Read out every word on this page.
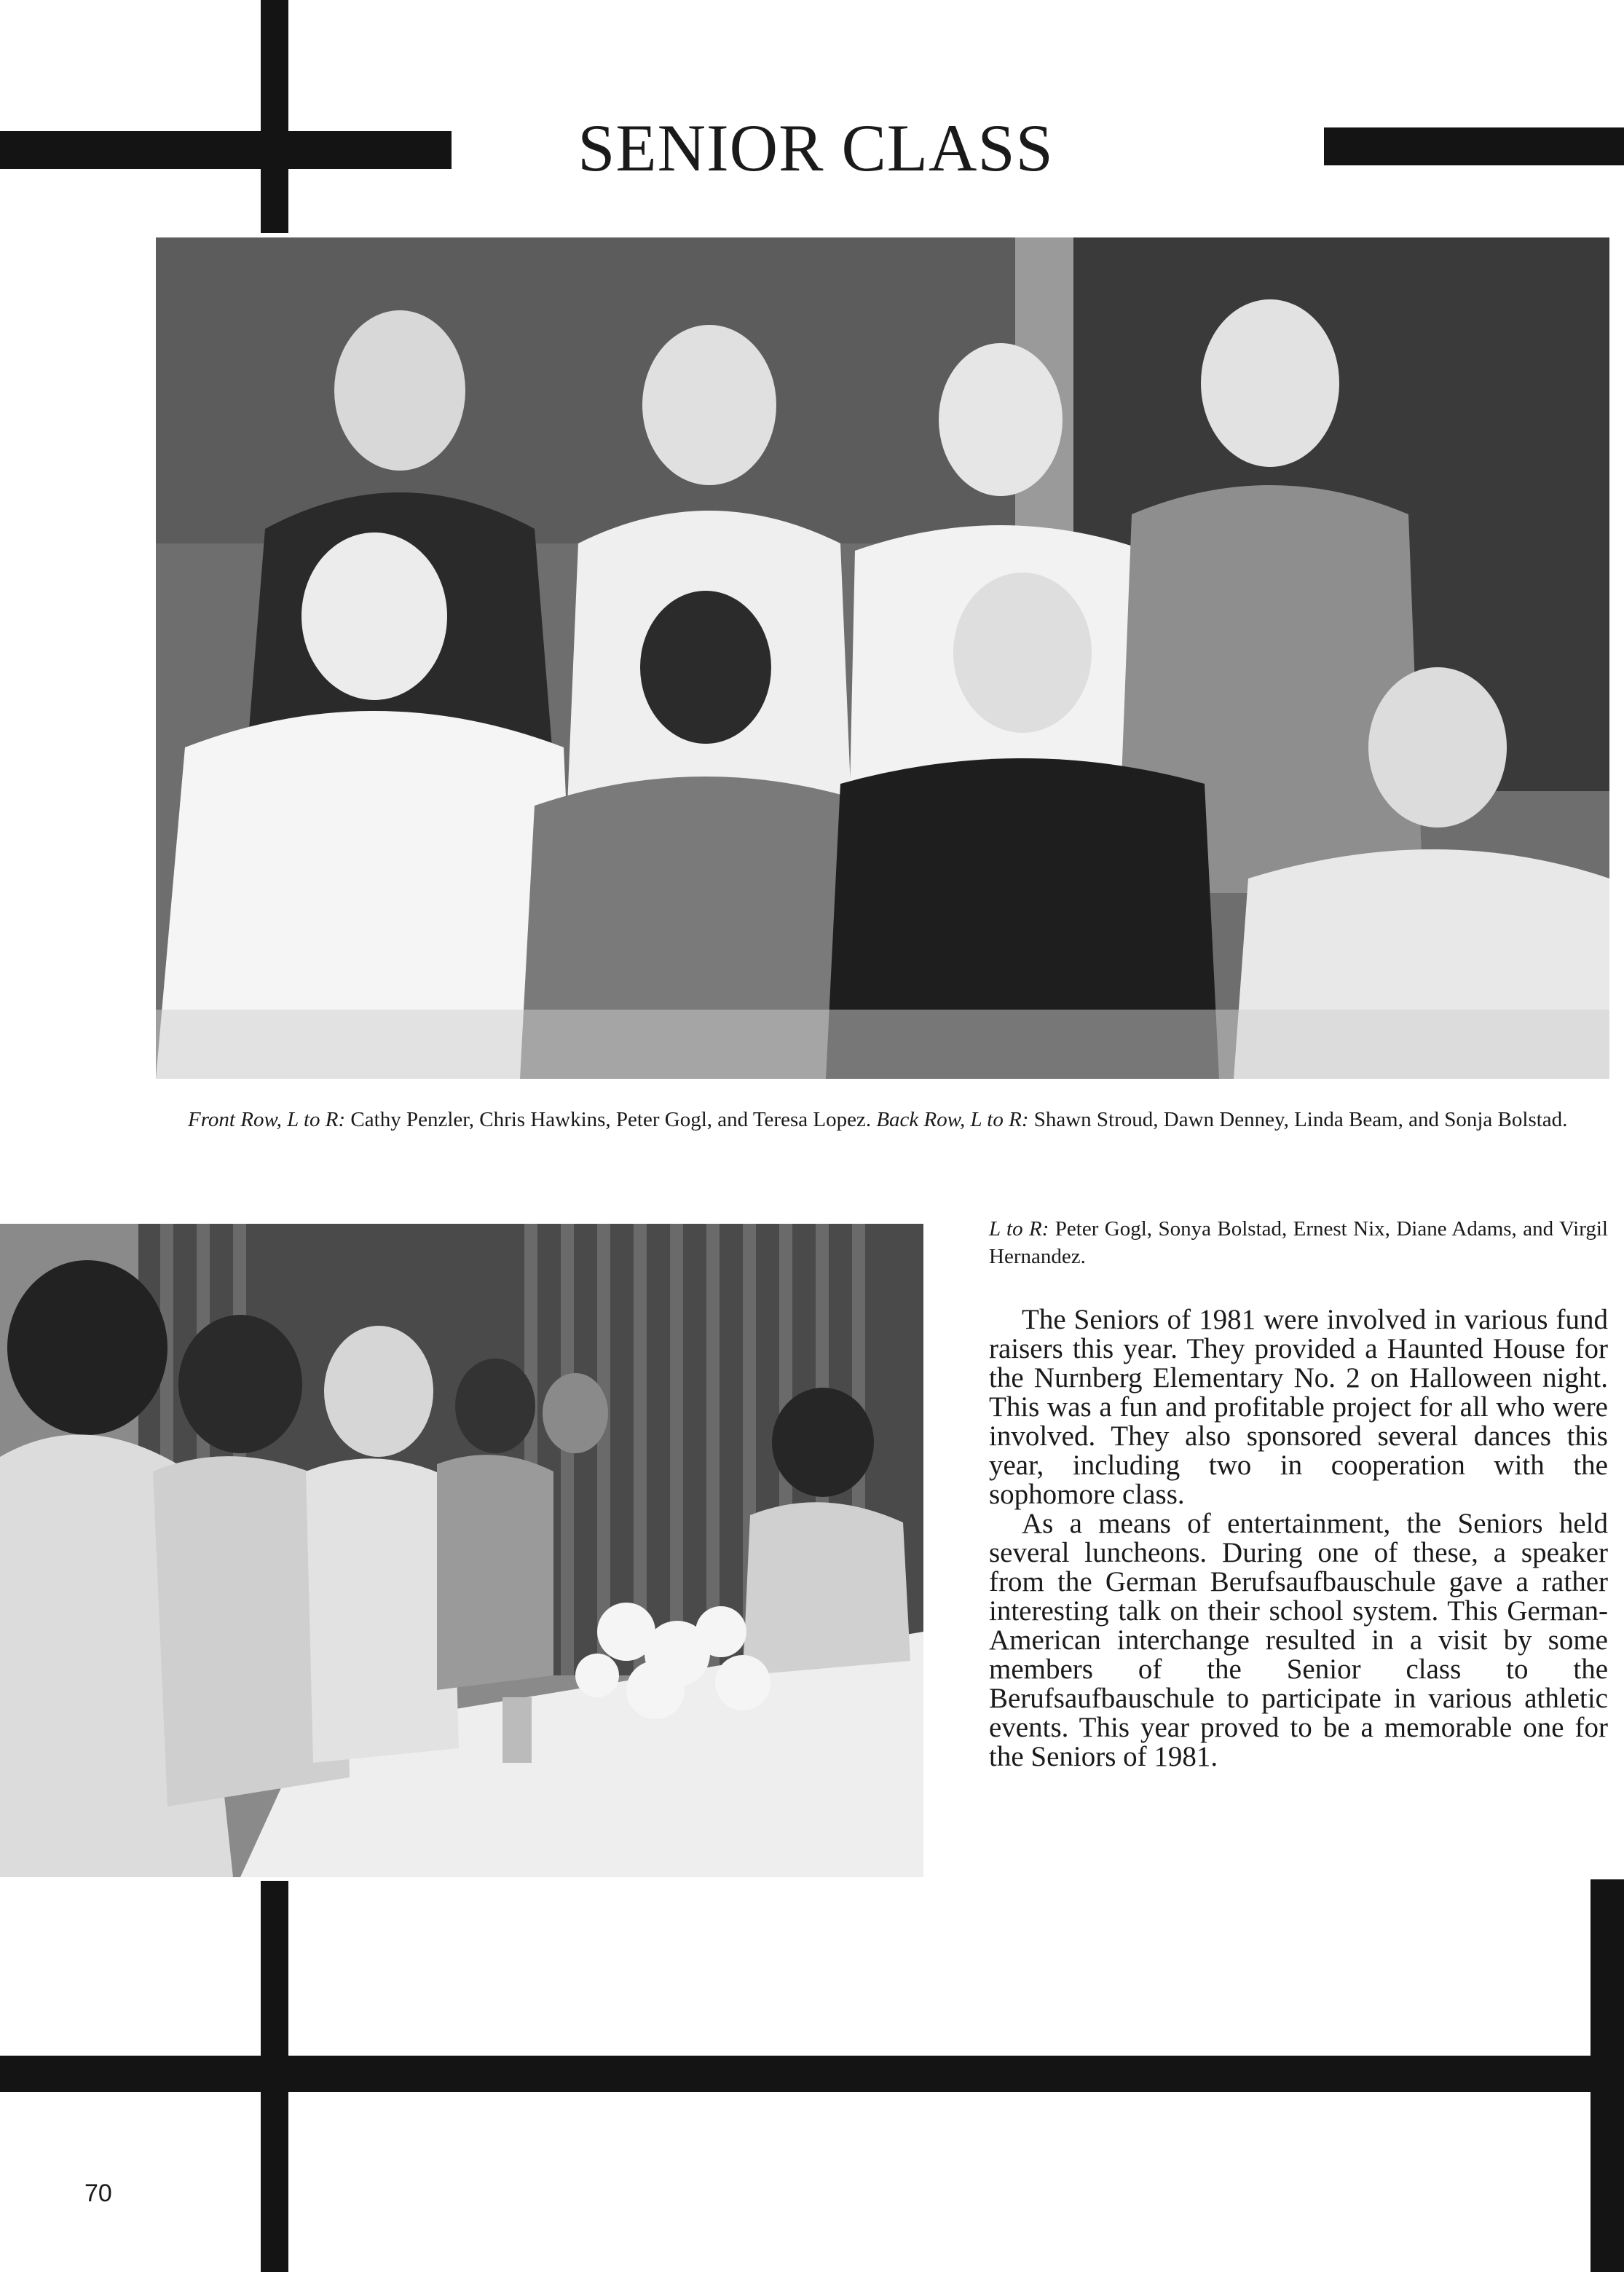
SENIOR CLASS

Front Row, L to R: Cathy Penzler, Chris Hawkins, Peter Gogl, and Teresa Lopez. Back Row, L to R: Shawn Stroud, Dawn Denney, Linda Beam, and Sonja Bolstad.

L to R: Peter Gogl, Sonya Bolstad, Ernest Nix, Diane Adams, and Virgil Hernandez.

The Seniors of 1981 were involved in various fund raisers this year. They provided a Haunted House for the Nurnberg Elementary No. 2 on Halloween night. This was a fun and profitable project for all who were involved. They also sponsored several dances this year, including two in cooperation with the sophomore class.

As a means of entertainment, the Seniors held several luncheons. During one of these, a speaker from the German Berufsaufbauschule gave a rather interesting talk on their school system. This German-American interchange resulted in a visit by some members of the Senior class to the Berufsaufbauschule to participate in various athletic events. This year proved to be a memorable one for the Seniors of 1981.

70
